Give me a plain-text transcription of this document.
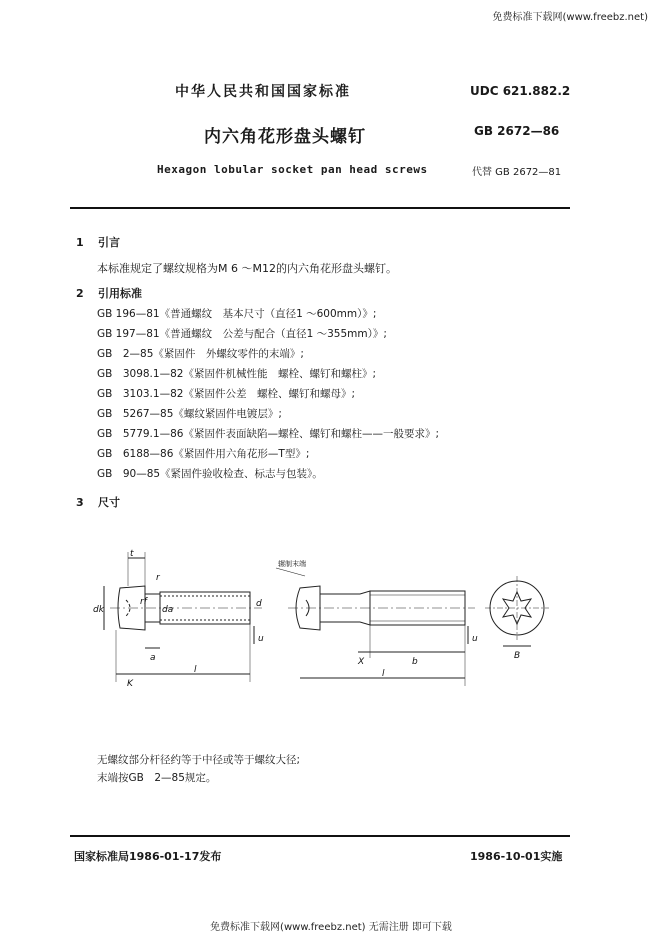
免费标准下载网(www.freebz.net)
中华人民共和国国家标准	UDC 621.882.2
内六角花形盘头螺钉	GB 2672—86
Hexagon lobular socket pan head screws	代替 GB 2672—81
1 引言
本标准规定了螺纹规格为M 6 ～M12的内六角花形盘头螺钉。
2 引用标准
GB 196—81《普通螺纹　基本尺寸（直径1 ～600mm）》;
GB 197—81《普通螺纹　公差与配合（直径1 ～355mm）》;
GB　2—85《紧固件　外螺纹零件的末端》;
GB　3098.1—82《紧固件机械性能　螺栓、螺钉和螺柱》;
GB　3103.1—82《紧固件公差　螺栓、螺钉和螺母》;
GB　5267—85《螺纹紧固件电镀层》;
GB　5779.1—86《紧固件表面缺陷—螺栓、螺钉和螺柱——一般要求》;
GB　6188—86《紧固件用六角花形—T型》;
GB　90—85《紧固件验收检查、标志与包装》。
3 尺寸
t
r
rf
dk	da
d
u
a
K
l
X	b
l
u
B
辗制末端
无螺纹部分杆径约等于中径或等于螺纹大径;
末端按GB　2—85规定。
国家标准局1986-01-17发布	1986-10-01实施
免费标准下载网(www.freebz.net) 无需注册 即可下载
